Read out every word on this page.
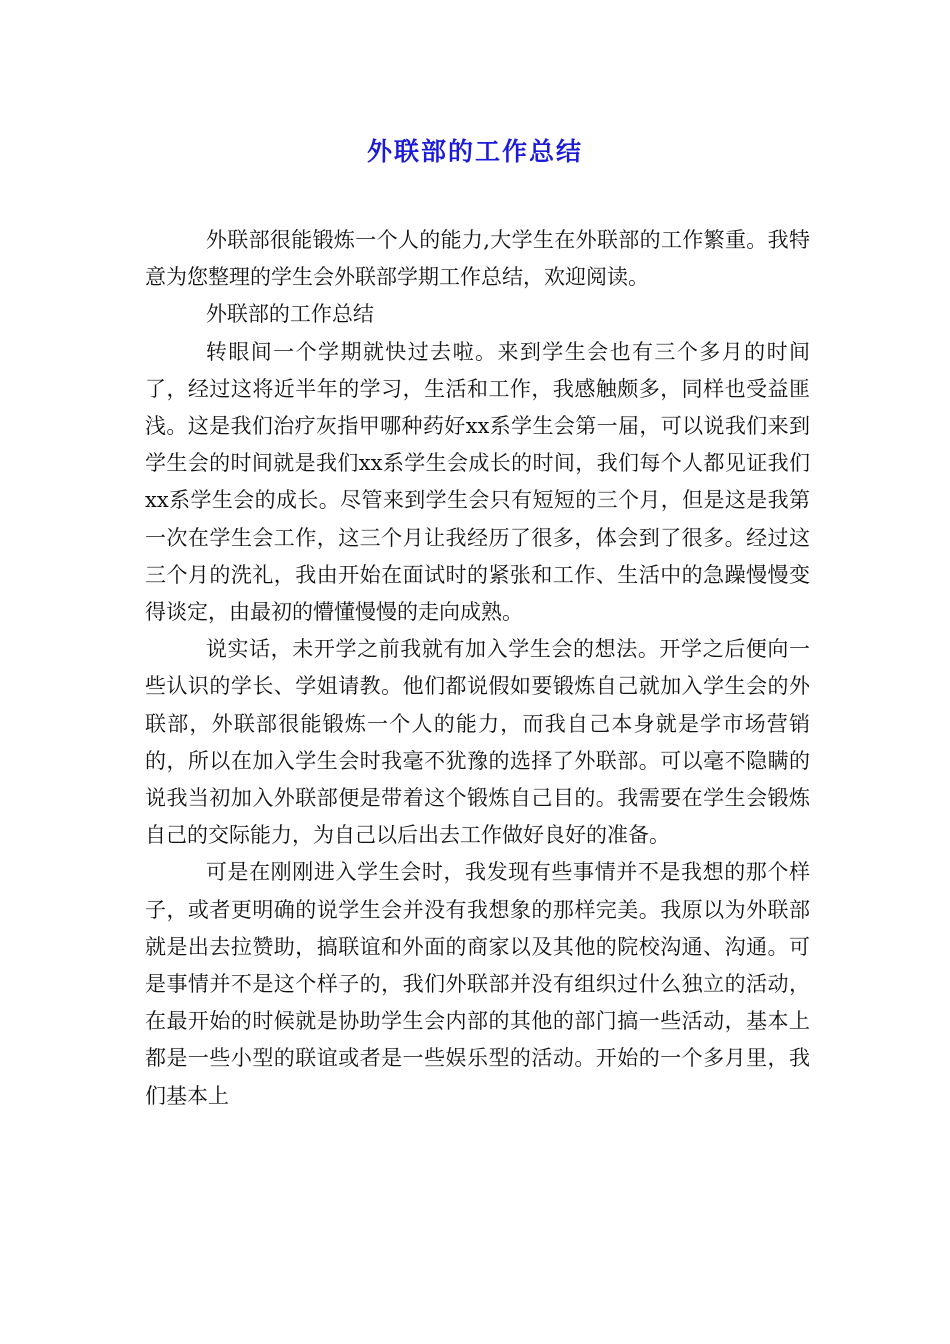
外联部的工作总结

外联部很能锻炼一个人的能力,大学生在外联部的工作繁重。我特意为您整理的学生会外联部学期工作总结，欢迎阅读。

外联部的工作总结

转眼间一个学期就快过去啦。来到学生会也有三个多月的时间了，经过这将近半年的学习，生活和工作，我感触颇多，同样也受益匪浅。这是我们治疗灰指甲哪种药好xx系学生会第一届，可以说我们来到学生会的时间就是我们xx系学生会成长的时间，我们每个人都见证我们xx系学生会的成长。尽管来到学生会只有短短的三个月，但是这是我第一次在学生会工作，这三个月让我经历了很多，体会到了很多。经过这三个月的洗礼，我由开始在面试时的紧张和工作、生活中的急躁慢慢变得谈定，由最初的懵懂慢慢的走向成熟。

说实话，未开学之前我就有加入学生会的想法。开学之后便向一些认识的学长、学姐请教。他们都说假如要锻炼自己就加入学生会的外联部，外联部很能锻炼一个人的能力，而我自己本身就是学市场营销的，所以在加入学生会时我毫不犹豫的选择了外联部。可以毫不隐瞒的说我当初加入外联部便是带着这个锻炼自己目的。我需要在学生会锻炼自己的交际能力，为自己以后出去工作做好良好的准备。

可是在刚刚进入学生会时，我发现有些事情并不是我想的那个样子，或者更明确的说学生会并没有我想象的那样完美。我原以为外联部就是出去拉赞助，搞联谊和外面的商家以及其他的院校沟通、沟通。可是事情并不是这个样子的，我们外联部并没有组织过什么独立的活动，在最开始的时候就是协助学生会内部的其他的部门搞一些活动，基本上都是一些小型的联谊或者是一些娱乐型的活动。开始的一个多月里，我们基本上
